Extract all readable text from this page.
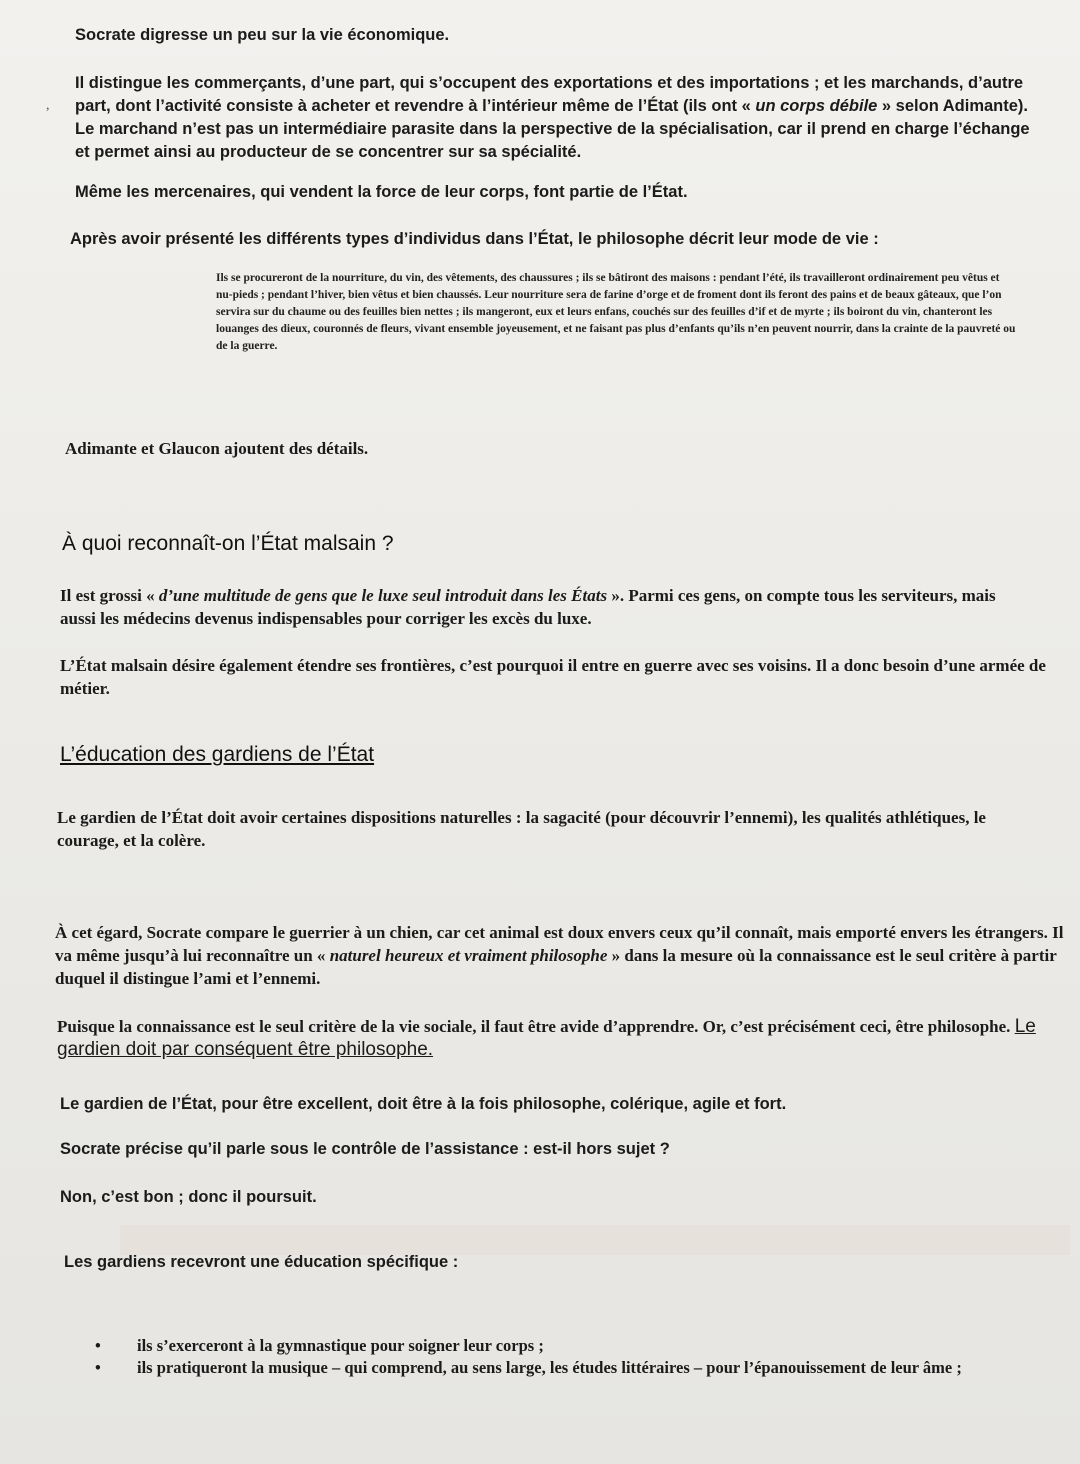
Socrate digresse un peu sur la vie économique.

,

Il distingue les commerçants, d’une part, qui s’occupent des exportations et des importations ; et les marchands, d’autre part, dont l’activité consiste à acheter et revendre à l’intérieur même de l’État (ils ont « un corps débile » selon Adimante). Le marchand n’est pas un intermédiaire parasite dans la perspective de la spécialisation, car il prend en charge l’échange et permet ainsi au producteur de se concentrer sur sa spécialité.

Même les mercenaires, qui vendent la force de leur corps, font partie de l’État.

Après avoir présenté les différents types d’individus dans l’État, le philosophe décrit leur mode de vie :

Ils se procureront de la nourriture, du vin, des vêtements, des chaussures ; ils se bâtiront des maisons : pendant l’été, ils travailleront ordinairement peu vêtus et nu-pieds ; pendant l’hiver, bien vêtus et bien chaussés. Leur nourriture sera de farine d’orge et de froment dont ils feront des pains et de beaux gâteaux, que l’on servira sur du chaume ou des feuilles bien nettes ; ils mangeront, eux et leurs enfans, couchés sur des feuilles d’if et de myrte ; ils boiront du vin, chanteront les louanges des dieux, couronnés de fleurs, vivant ensemble joyeusement, et ne faisant pas plus d’enfants qu’ils n’en peuvent nourrir, dans la crainte de la pauvreté ou de la guerre.

Adimante et Glaucon ajoutent des détails.

À quoi reconnaît-on l’État malsain ?

Il est grossi « d’une multitude de gens que le luxe seul introduit dans les États ». Parmi ces gens, on compte tous les serviteurs, mais aussi les médecins devenus indispensables pour corriger les excès du luxe.

L’État malsain désire également étendre ses frontières, c’est pourquoi il entre en guerre avec ses voisins. Il a donc besoin d’une armée de métier.

L’éducation des gardiens de l’État

Le gardien de l’État doit avoir certaines dispositions naturelles : la sagacité (pour découvrir l’ennemi), les qualités athlétiques, le courage, et la colère.

À cet égard, Socrate compare le guerrier à un chien, car cet animal est doux envers ceux qu’il connaît, mais emporté envers les étrangers. Il va même jusqu’à lui reconnaître un « naturel heureux et vraiment philosophe » dans la mesure où la connaissance est le seul critère à partir duquel il distingue l’ami et l’ennemi.

Puisque la connaissance est le seul critère de la vie sociale, il faut être avide d’apprendre. Or, c’est précisément ceci, être philosophe. Le gardien doit par conséquent être philosophe.

Le gardien de l’État, pour être excellent, doit être à la fois philosophe, colérique, agile et fort.

Socrate précise qu’il parle sous le contrôle de l’assistance : est-il hors sujet ?

Non, c’est bon ; donc il poursuit.

Les gardiens recevront une éducation spécifique :

• ils s’exerceront à la gymnastique pour soigner leur corps ;
• ils pratiqueront la musique – qui comprend, au sens large, les études littéraires – pour l’épanouissement de leur âme ;
